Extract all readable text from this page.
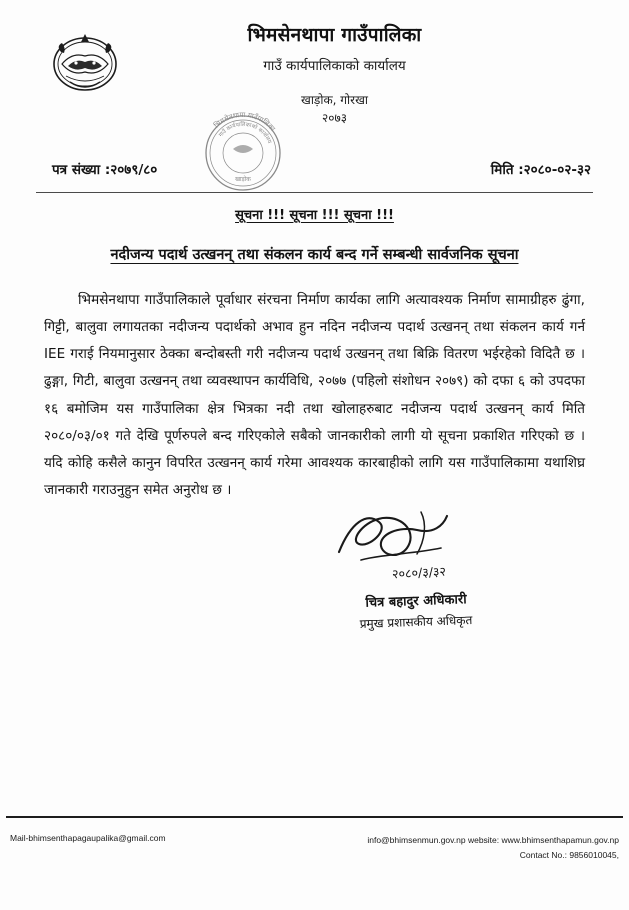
भिमसेनथापा गाउँपालिका
गाउँ कार्यपालिकाको कार्यालय
खाड़ोक, गोरखा
२०७३
भिमसेनथापा गाउँपालिका
गाउँ कार्यपालिकाको कार्यालय
खाड़ोक
पत्र संख्या :२०७९/८०	मिति :२०८०-०२-३२
सूचना !!! सूचना !!! सूचना !!!
नदीजन्य पदार्थ उत्खनन् तथा संकलन कार्य बन्द गर्ने सम्बन्धी सार्वजनिक सूचना
भिमसेनथापा गाउँपालिकाले पूर्वाधार संरचना निर्माण कार्यका लागि अत्यावश्यक निर्माण सामाग्रीहरु ढुंगा, गिट्टी, बालुवा लगायतका नदीजन्य पदार्थको अभाव हुन नदिन नदीजन्य पदार्थ उत्खनन् तथा संकलन कार्य गर्न IEE गराई नियमानुसार ठेक्का बन्दोबस्ती गरी नदीजन्य पदार्थ उत्खनन् तथा बिक्रि वितरण भईरहेको विदितै छ । ढुङ्गा, गिटी, बालुवा उत्खनन् तथा व्यवस्थापन कार्यविधि, २०७७ (पहिलो संशोधन २०७९) को दफा ६ को उपदफा १६ बमोजिम यस गाउँपालिका क्षेत्र भित्रका नदी तथा खोलाहरुबाट नदीजन्य पदार्थ उत्खनन् कार्य मिति २०८०/०३/०१ गते देखि पूर्णरुपले बन्द गरिएकोले सबैको जानकारीको लागी यो सूचना प्रकाशित गरिएको छ । यदि कोहि कसैले कानुन विपरित उत्खनन् कार्य गरेमा आवश्यक कारबाहीको लागि यस गाउँपालिकामा यथाशिघ्र जानकारी गराउनुहुन समेत अनुरोध छ ।
२०८०/३/३२
चित्र बहादुर अधिकारी
प्रमुख प्रशासकीय अधिकृत
Mail-bhimsenthapagaupalika@gmail.com	info@bhimsenmun.gov.np website: www.bhimsenthapamun.gov.np
Contact No.: 9856010045,
